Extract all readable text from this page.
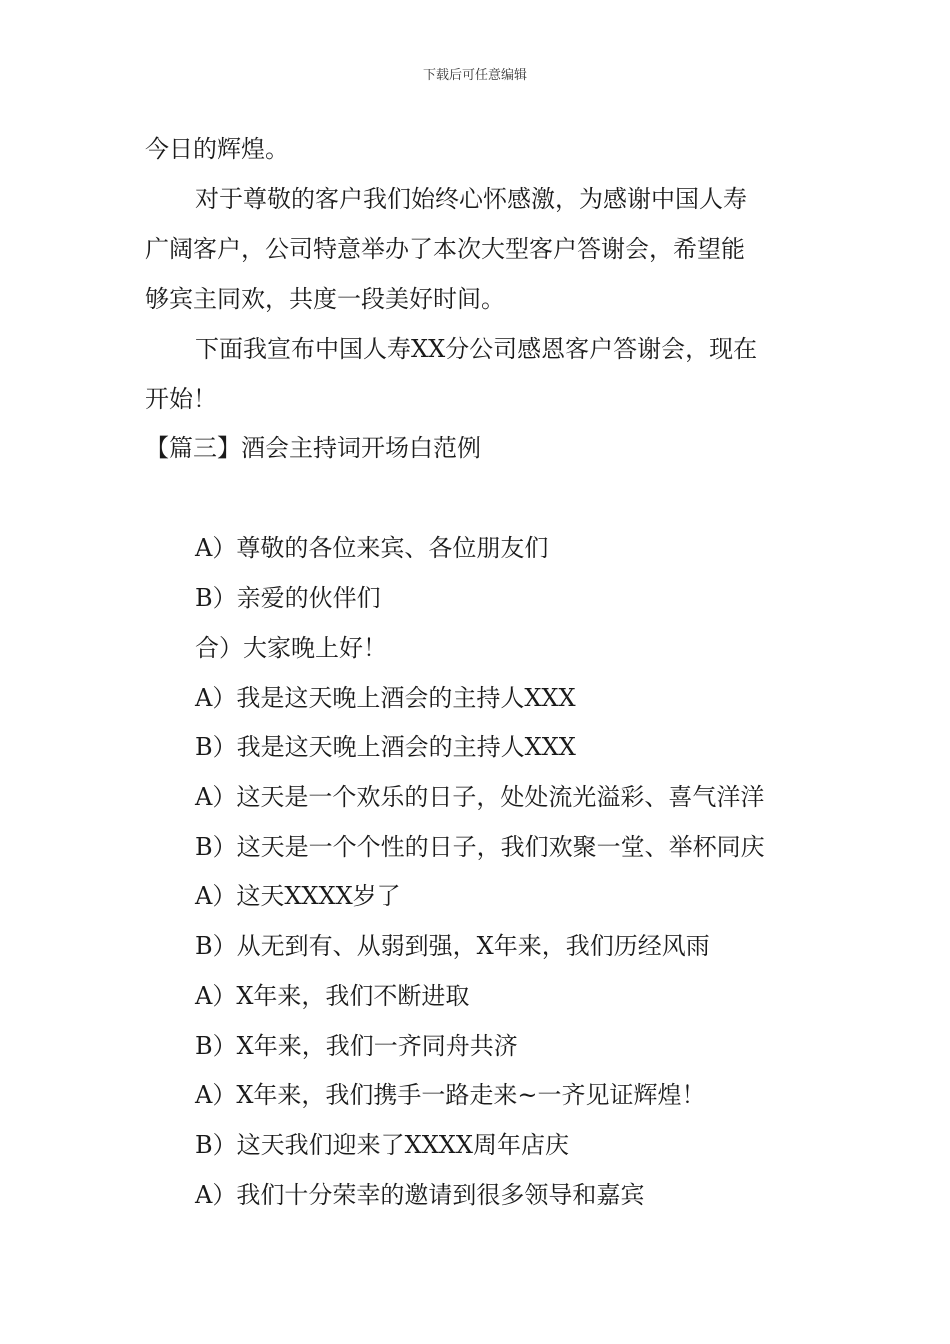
下载后可任意编辑
今日的辉煌。
对于尊敬的客户我们始终心怀感激，为感谢中国人寿
广阔客户，公司特意举办了本次大型客户答谢会，希望能
够宾主同欢，共度一段美好时间。
下面我宣布中国人寿XX分公司感恩客户答谢会，现在
开始！
【篇三】酒会主持词开场白范例
A）尊敬的各位来宾、各位朋友们
B）亲爱的伙伴们
合）大家晚上好！
A）我是这天晚上酒会的主持人XXX
B）我是这天晚上酒会的主持人XXX
A）这天是一个欢乐的日子，处处流光溢彩、喜气洋洋
B）这天是一个个性的日子，我们欢聚一堂、举杯同庆
A）这天XXXX岁了
B）从无到有、从弱到强，X年来，我们历经风雨
A）X年来，我们不断进取
B）X年来，我们一齐同舟共济
A）X年来，我们携手一路走来~一齐见证辉煌！
B）这天我们迎来了XXXX周年店庆
A）我们十分荣幸的邀请到很多领导和嘉宾
